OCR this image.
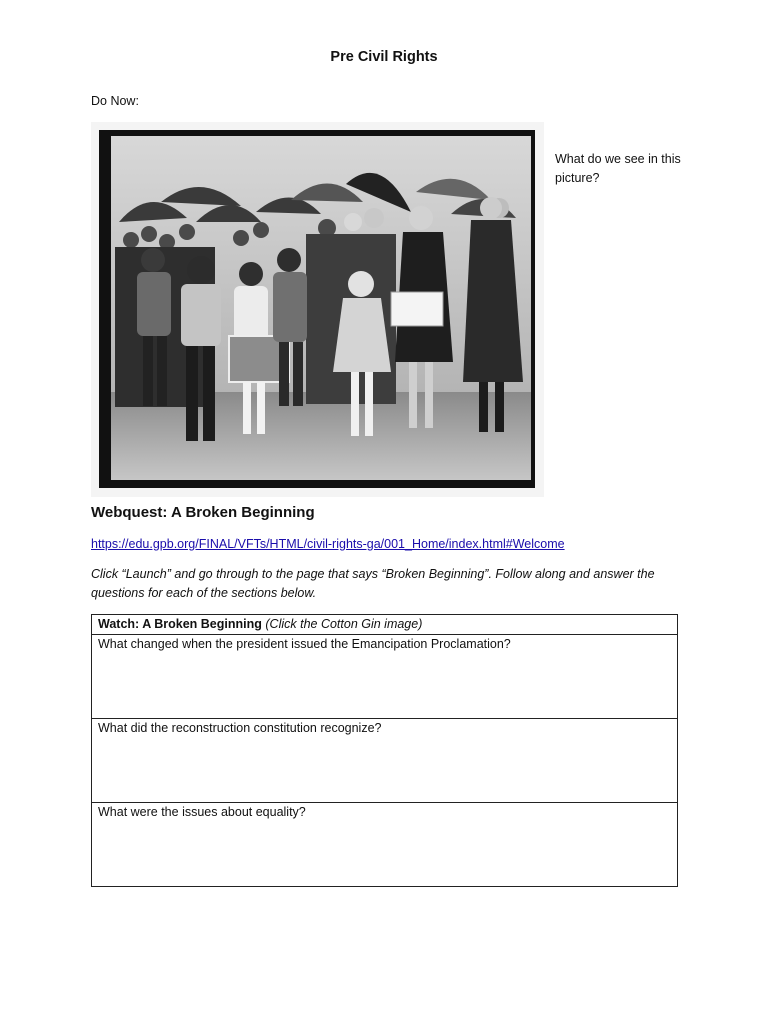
Pre Civil Rights
Do Now:
What do we see in this picture?
Webquest: A Broken Beginning
https://edu.gpb.org/FINAL/VFTs/HTML/civil-rights-ga/001_Home/index.html#Welcome
Click “Launch” and go through to the page that says “Broken Beginning”. Follow along and answer the questions for each of the sections below.
Watch: A Broken Beginning (Click the Cotton Gin image)
What changed when the president issued the Emancipation Proclamation?
What did the reconstruction constitution recognize?
What were the issues about equality?
